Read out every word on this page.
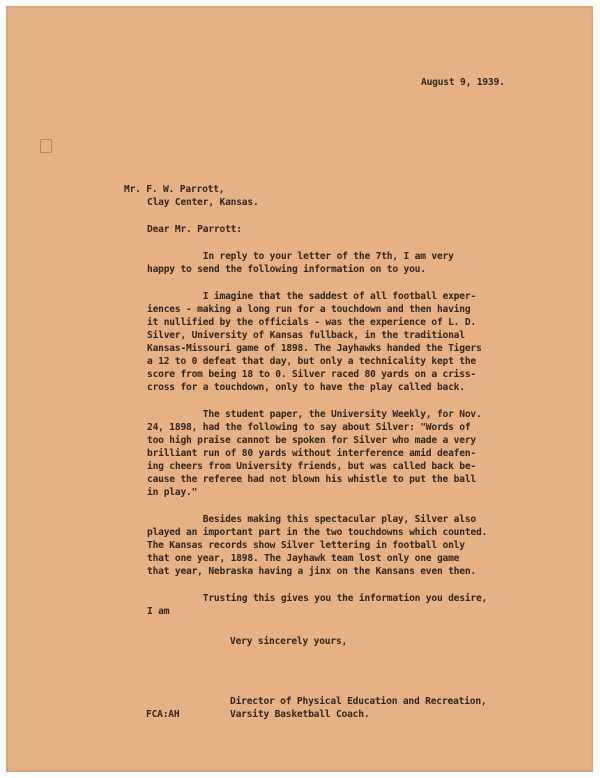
August 9, 1939.
Mr. F. W. Parrott,
Clay Center, Kansas.
Dear Mr. Parrott:
In reply to your letter of the 7th, I am very
happy to send the following information on to you.
I imagine that the saddest of all football exper-
iences - making a long run for a touchdown and then having
it nullified by the officials - was the experience of L. D.
Silver, University of Kansas fullback, in the traditional
Kansas-Missouri game of 1898. The Jayhawks handed the Tigers
a 12 to 0 defeat that day, but only a technicality kept the
score from being 18 to 0. Silver raced 80 yards on a criss-
cross for a touchdown, only to have the play called back.
The student paper, the University Weekly, for Nov.
24, 1898, had the following to say about Silver: "Words of
too high praise cannot be spoken for Silver who made a very
brilliant run of 80 yards without interference amid deafen-
ing cheers from University friends, but was called back be-
cause the referee had not blown his whistle to put the ball
in play."
Besides making this spectacular play, Silver also
played an important part in the two touchdowns which counted.
The Kansas records show Silver lettering in football only
that one year, 1898. The Jayhawk team lost only one game
that year, Nebraska having a jinx on the Kansans even then.
Trusting this gives you the information you desire,
I am
Very sincerely yours,
Director of Physical Education and Recreation,
Varsity Basketball Coach.
FCA:AH
